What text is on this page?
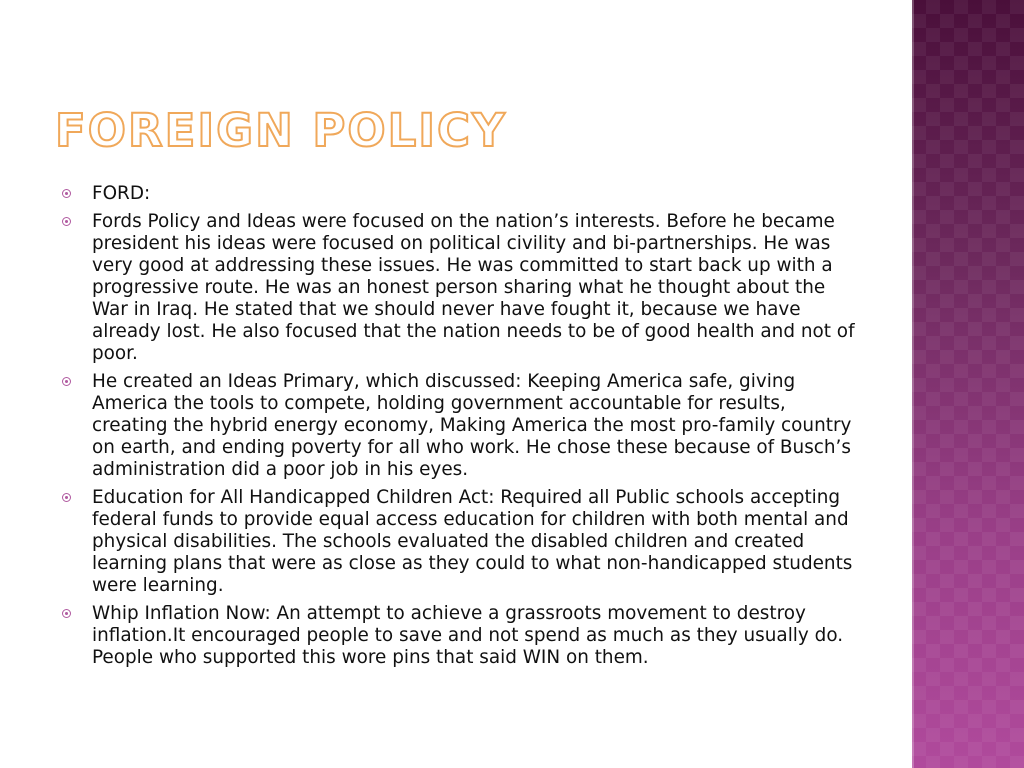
FOREIGN POLICY
FORD:
Fords Policy and Ideas were focused on the nation’s interests. Before he became president his ideas were focused on political civility and bi-partnerships. He was very good at addressing these issues. He was committed to start back up with a progressive route. He was an honest person sharing what he thought about the War in Iraq. He stated that we should never have fought it, because we have already lost. He also focused that the nation needs to be of good health and not of poor.
He created an Ideas Primary, which discussed: Keeping America safe, giving America the tools to compete, holding government accountable for results, creating the hybrid energy economy, Making America the most pro-family country on earth, and ending poverty for all who work. He chose these because of Busch’s administration did a poor job in his eyes.
Education for All Handicapped Children Act: Required all Public schools accepting federal funds to provide equal access education for children with both mental and physical disabilities. The schools evaluated the disabled children and created learning plans that were as close as they could to what non-handicapped students were learning.
Whip Inflation Now: An attempt to achieve a grassroots movement to destroy inflation.It encouraged people to save and not spend as much as they usually do. People who supported this wore pins that said WIN on them.
